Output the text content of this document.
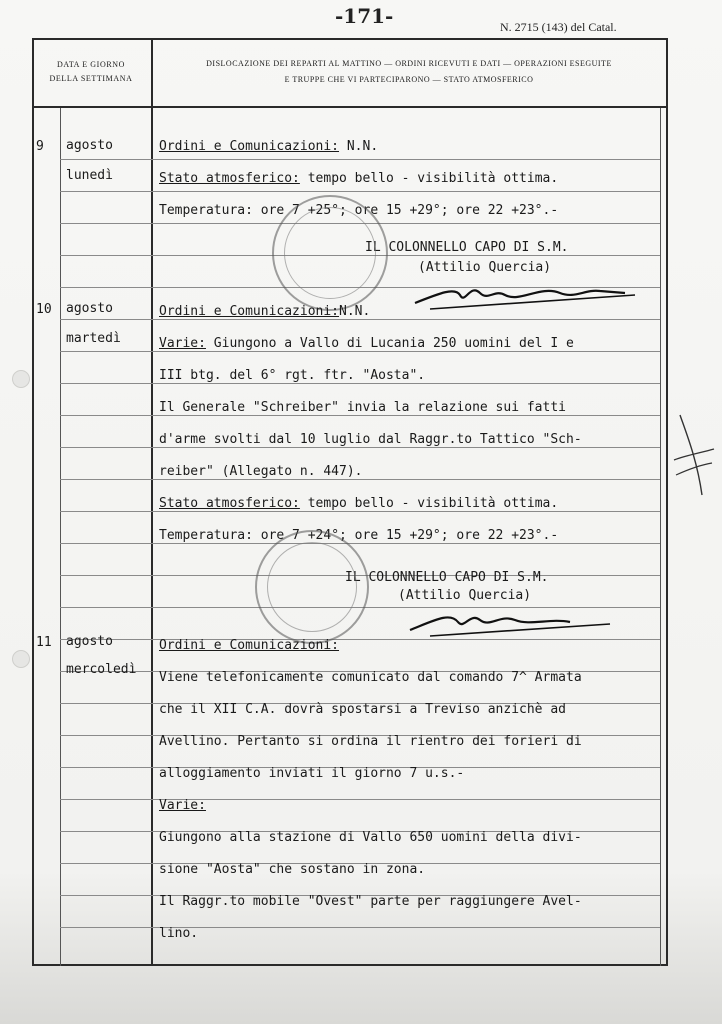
-171-	N. 2715 (143) del Catal.
DATA E GIORNO
DELLA SETTIMANA
DISLOCAZIONE DEI REPARTI AL MATTINO — ORDINI RICEVUTI E DATI — OPERAZIONI ESEGUITE
E TRUPPE CHE VI PARTECIPARONO — STATO ATMOSFERICO
9 agosto
lunedì
Ordini e Comunicazioni: N.N.
Stato atmosferico: tempo bello - visibilità ottima.
Temperatura: ore 7 +25°; ore 15 +29°; ore 22 +23°.-
IL COLONNELLO CAPO DI S.M.
(Attilio Quercia)
10 agosto
martedì
Ordini e Comunicazioni:N.N.
Varie: Giungono a Vallo di Lucania 250 uomini del I e
III btg. del 6° rgt. ftr. "Aosta".
Il Generale "Schreiber" invia la relazione sui fatti
d'arme svolti dal 10 luglio dal Raggr.to Tattico "Sch-
reiber" (Allegato n. 447).
Stato atmosferico: tempo bello - visibilità ottima.
Temperatura: ore 7 +24°; ore 15 +29°; ore 22 +23°.-
IL COLONNELLO CAPO DI S.M.
(Attilio Quercia)
11 agosto
mercoledì
Ordini e Comunicazioni:
Viene telefonicamente comunicato dal comando 7^ Armata
che il XII C.A. dovrà spostarsi a Treviso anzichè ad
Avellino. Pertanto si ordina il rientro dei forieri di
alloggiamento inviati il giorno 7 u.s.-
Varie:
Giungono alla stazione di Vallo 650 uomini della divi-
sione "Aosta" che sostano in zona.
Il Raggr.to mobile "Ovest" parte per raggiungere Avel-
lino.
